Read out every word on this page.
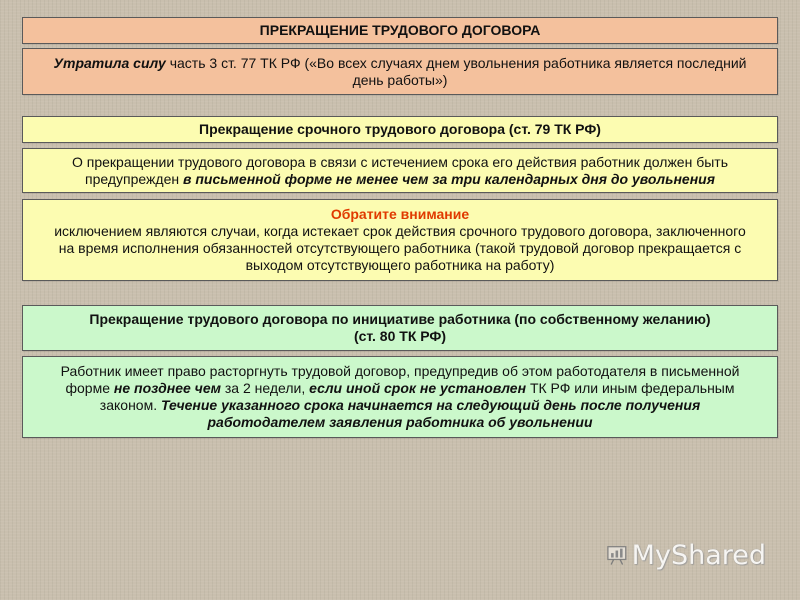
ПРЕКРАЩЕНИЕ ТРУДОВОГО ДОГОВОРА
Утратила силу часть 3 ст. 77 ТК РФ («Во всех случаях днем увольнения работника является последний день работы»)
Прекращение срочного трудового договора (ст. 79 ТК РФ)
О прекращении трудового договора в связи с истечением срока его действия работник должен быть предупрежден в письменной форме не менее чем за три календарных дня до увольнения
Обратите внимание
исключением являются случаи, когда истекает срок действия срочного трудового договора, заключенного на время исполнения обязанностей отсутствующего работника (такой трудовой договор прекращается с выходом отсутствующего работника на работу)
Прекращение трудового договора по инициативе работника (по собственному желанию)
(ст. 80 ТК РФ)
Работник имеет право расторгнуть трудовой договор, предупредив об этом работодателя в письменной форме не позднее чем за 2 недели, если иной срок не установлен ТК РФ или иным федеральным законом. Течение указанного срока начинается на следующий день после получения работодателем заявления работника об увольнении
MyShared
